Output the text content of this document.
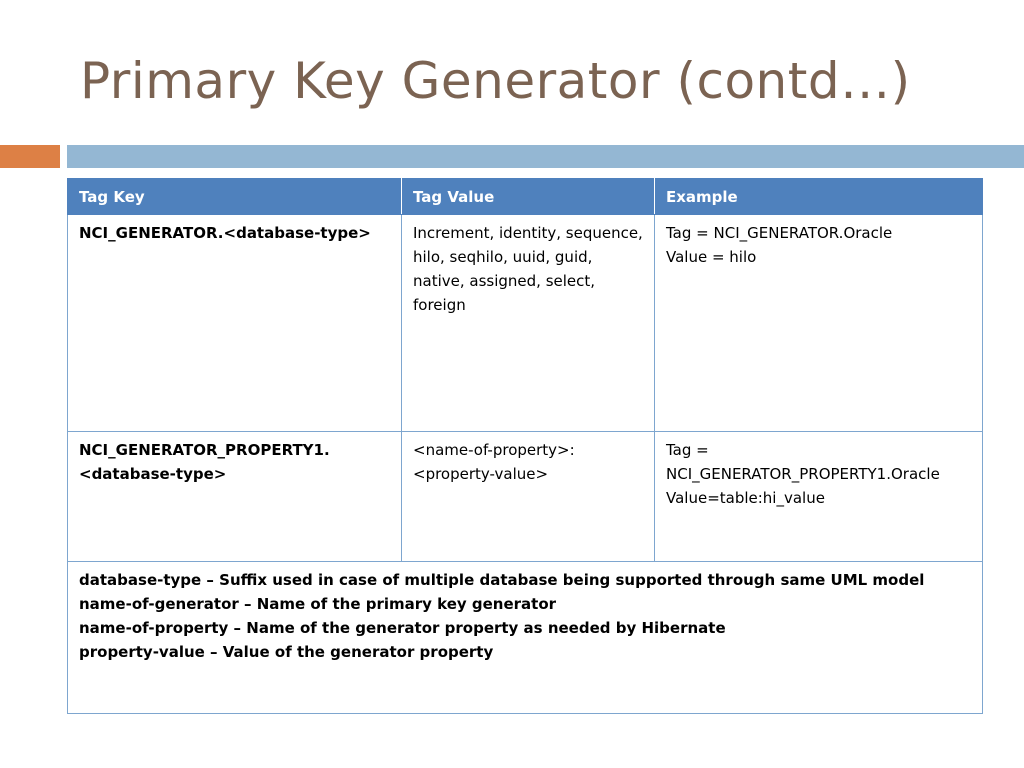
Primary Key Generator (contd…)
Tag Key	Tag Value	Example
NCI_GENERATOR.<database-type>	Increment, identity, sequence, hilo, seqhilo, uuid, guid, native, assigned, select, foreign	Tag = NCI_GENERATOR.Oracle
Value = hilo

NCI_GENERATOR_PROPERTY1.<database-type>	<name-of-property>: <property-value>	Tag = NCI_GENERATOR_PROPERTY1.Oracle
Value=table:hi_value

database-type – Suffix used in case of multiple database being supported through same UML model
name-of-generator – Name of the primary key generator
name-of-property – Name of the generator property as needed by Hibernate
property-value – Value of the generator property		
